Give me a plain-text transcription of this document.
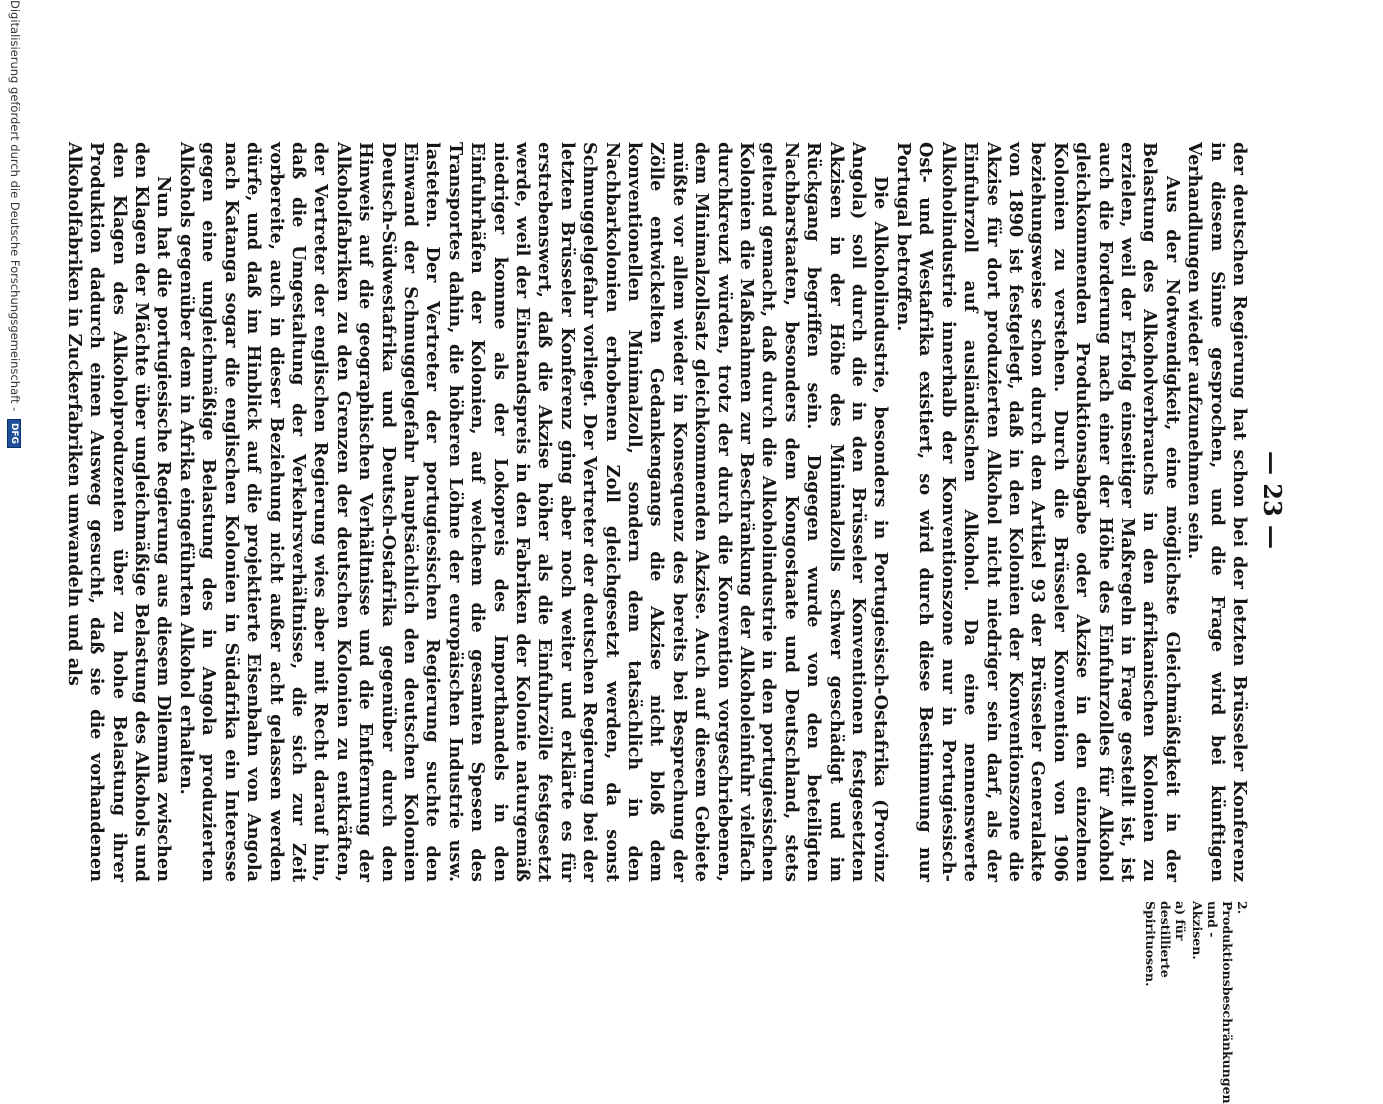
— 23 —

der deutschen Regierung hat schon bei der letzten Brüsseler Konferenz in diesem Sinne gesprochen, und die Frage wird bei künftigen Verhandlungen wieder aufzunehmen sein.

Aus der Notwendigkeit, eine möglichste Gleichmäßigkeit in der Belastung des Alkoholverbrauchs in den afrikanischen Kolonien zu erzielen, weil der Erfolg einseitiger Maßregeln in Frage gestellt ist, ist auch die Forderung nach einer der Höhe des Einfuhrzolles für Alkohol gleichkommenden Produktionsabgabe oder Akzise in den einzelnen Kolonien zu verstehen. Durch die Brüsseler Konvention von 1906 beziehungsweise schon durch den Artikel 93 der Brüsseler Generalakte von 1890 ist festgelegt, daß in den Kolonien der Konventionszone die Akzise für dort produzierten Alkohol nicht niedriger sein darf, als der Einfuhrzoll auf ausländischen Alkohol. Da eine nennenswerte Alkoholindustrie innerhalb der Konventionszone nur in Portugiesisch-Ost- und Westafrika existiert, so wird durch diese Bestimmung nur Portugal betroffen.

Die Alkoholindustrie, besonders in Portugiesisch-Ostafrika (Provinz Angola) soll durch die in den Brüsseler Konventionen festgesetzten Akzisen in der Höhe des Minimalzolls schwer geschädigt und im Rückgang begriffen sein. Dagegen wurde von den beteiligten Nachbarstaaten, besonders dem Kongostaate und Deutschland, stets geltend gemacht, daß durch die Alkoholindustrie in den portugiesischen Kolonien die Maßnahmen zur Beschränkung der Alkoholeinfuhr vielfach durchkreuzt würden, trotz der durch die Konvention vorgeschriebenen, dem Minimalzollsatz gleichkommenden Akzise. Auch auf diesem Gebiete müßte vor allem wieder in Konsequenz des bereits bei Besprechung der Zölle entwickelten Gedankengangs die Akzise nicht bloß dem konventionellen Minimalzoll, sondern dem tatsächlich in den Nachbarkolonien erhobenen Zoll gleichgesetzt werden, da sonst Schmuggelgefahr vorliegt. Der Vertreter der deutschen Regierung bei der letzten Brüsseler Konferenz ging aber noch weiter und erklärte es für erstrebenswert, daß die Akzise höher als die Einfuhrzölle festgesetzt werde, weil der Einstandspreis in den Fabriken der Kolonie naturgemäß niedriger komme als der Lokopreis des Importhandels in den Einfuhrhäfen der Kolonien, auf welchem die gesamten Spesen des Transportes dahin, die höheren Löhne der europäischen Industrie usw. lasteten. Der Vertreter der portugiesischen Regierung suchte den Einwand der Schmuggelgefahr hauptsächlich den deutschen Kolonien Deutsch-Südwestafrika und Deutsch-Ostafrika gegenüber durch den Hinweis auf die geographischen Verhältnisse und die Entfernung der Alkoholfabriken zu den Grenzen der deutschen Kolonien zu entkräften, der Vertreter der englischen Regierung wies aber mit Recht darauf hin, daß die Umgestaltung der Verkehrsverhältnisse, die sich zur Zeit vorbereite, auch in dieser Beziehung nicht außer acht gelassen werden dürfe, und daß im Hinblick auf die projektierte Eisenbahn von Angola nach Katanga sogar die englischen Kolonien in Südafrika ein Interesse gegen eine ungleichmäßige Belastung des in Angola produzierten Alkohols gegenüber dem in Afrika eingeführten Alkohol erhalten.

Nun hat die portugiesische Regierung aus diesem Dilemma zwischen den Klagen der Mächte über ungleichmäßige Belastung des Alkohols und den Klagen des Alkoholproduzenten über zu hohe Belastung ihrer Produktion dadurch einen Ausweg gesucht, daß sie die vorhandenen Alkoholfabriken in Zuckerfabriken umwandeln und als

2. Produktionsbeschränkungen und -Akzisen.
a) für destillierte Spirituosen.
Digitalisierung gefördert durch die Deutsche Forschungsgemeinschaft - DFG
